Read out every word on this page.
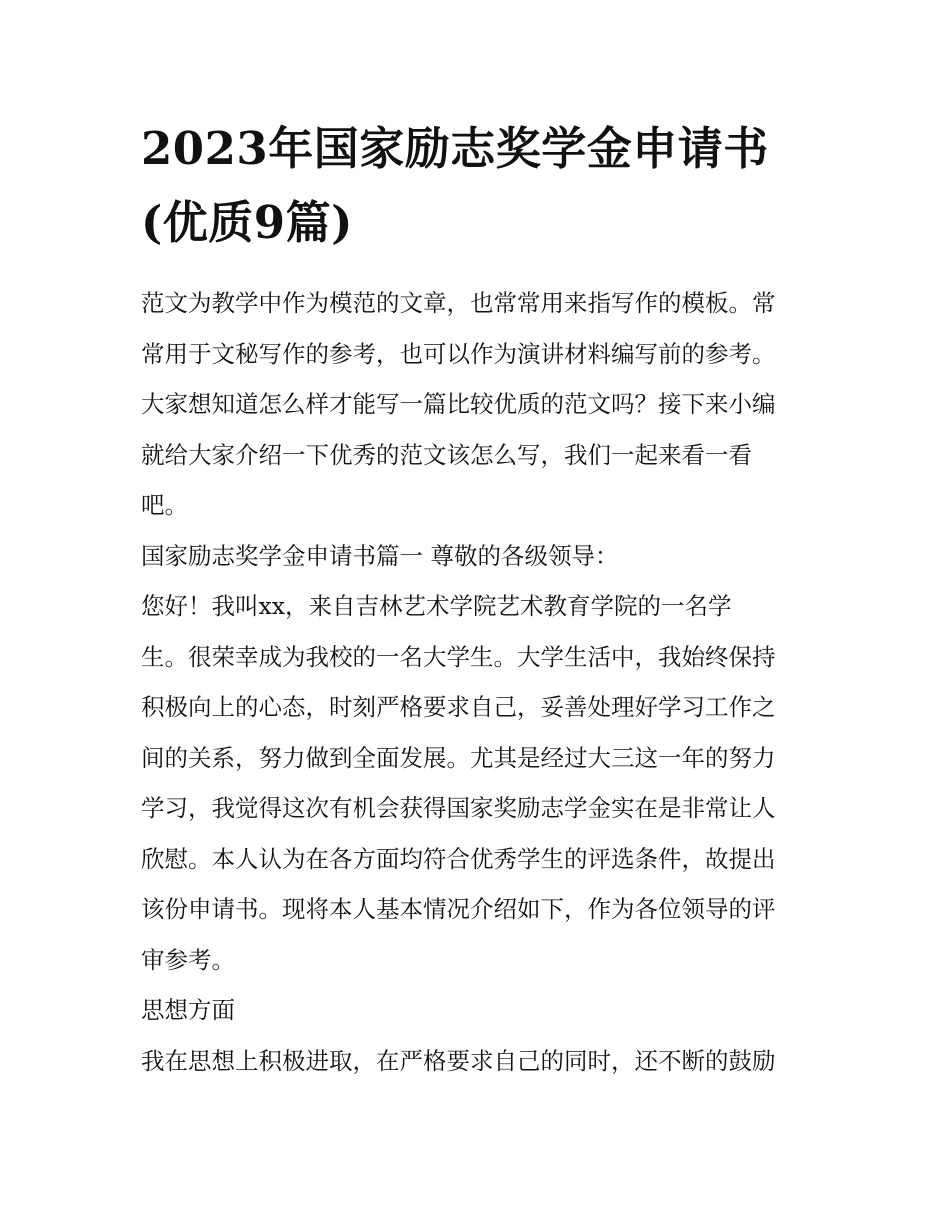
2023年国家励志奖学金申请书
(优质9篇)

范文为教学中作为模范的文章，也常常用来指写作的模板。常
常用于文秘写作的参考，也可以作为演讲材料编写前的参考。
大家想知道怎么样才能写一篇比较优质的范文吗？接下来小编
就给大家介绍一下优秀的范文该怎么写，我们一起来看一看
吧。

国家励志奖学金申请书篇一 尊敬的各级领导：

您好！我叫xx，来自吉林艺术学院艺术教育学院的一名学
生。很荣幸成为我校的一名大学生。大学生活中，我始终保持
积极向上的心态，时刻严格要求自己，妥善处理好学习工作之
间的关系，努力做到全面发展。尤其是经过大三这一年的努力
学习，我觉得这次有机会获得国家奖励志学金实在是非常让人
欣慰。本人认为在各方面均符合优秀学生的评选条件，故提出
该份申请书。现将本人基本情况介绍如下，作为各位领导的评
审参考。

思想方面

我在思想上积极进取，在严格要求自己的同时，还不断的鼓励
